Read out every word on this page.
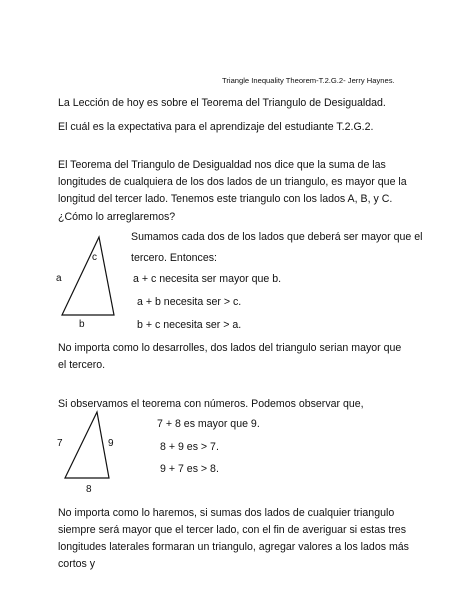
Triangle Inequality Theorem-T.2.G.2- Jerry Haynes.
La Lección de hoy es sobre el Teorema del Triangulo de Desigualdad.
El cuál es la expectativa para el aprendizaje del estudiante T.2.G.2.
El Teorema del Triangulo de Desigualdad nos dice que la suma de las longitudes de cualquiera de los dos lados de un triangulo, es mayor que la longitud del tercer lado. Tenemos este triangulo con los lados A, B, y C.
¿Cómo lo arreglaremos?
c
a
b
Sumamos cada dos de los lados que deberá ser mayor que el
tercero. Entonces:
a + c necesita ser mayor que b.
a + b necesita ser > c.
b + c necesita ser > a.
No importa como lo desarrolles, dos lados del triangulo serian mayor que el tercero.
Si observamos el teorema con números. Podemos observar que,
7	9
8
7 + 8 es mayor que 9.
8 + 9 es > 7.
9 + 7 es > 8.
No importa como lo haremos, si sumas dos lados de cualquier triangulo siempre será mayor que el tercer lado, con el fin de averiguar si estas tres longitudes laterales formaran un triangulo, agregar valores a los lados más cortos y
